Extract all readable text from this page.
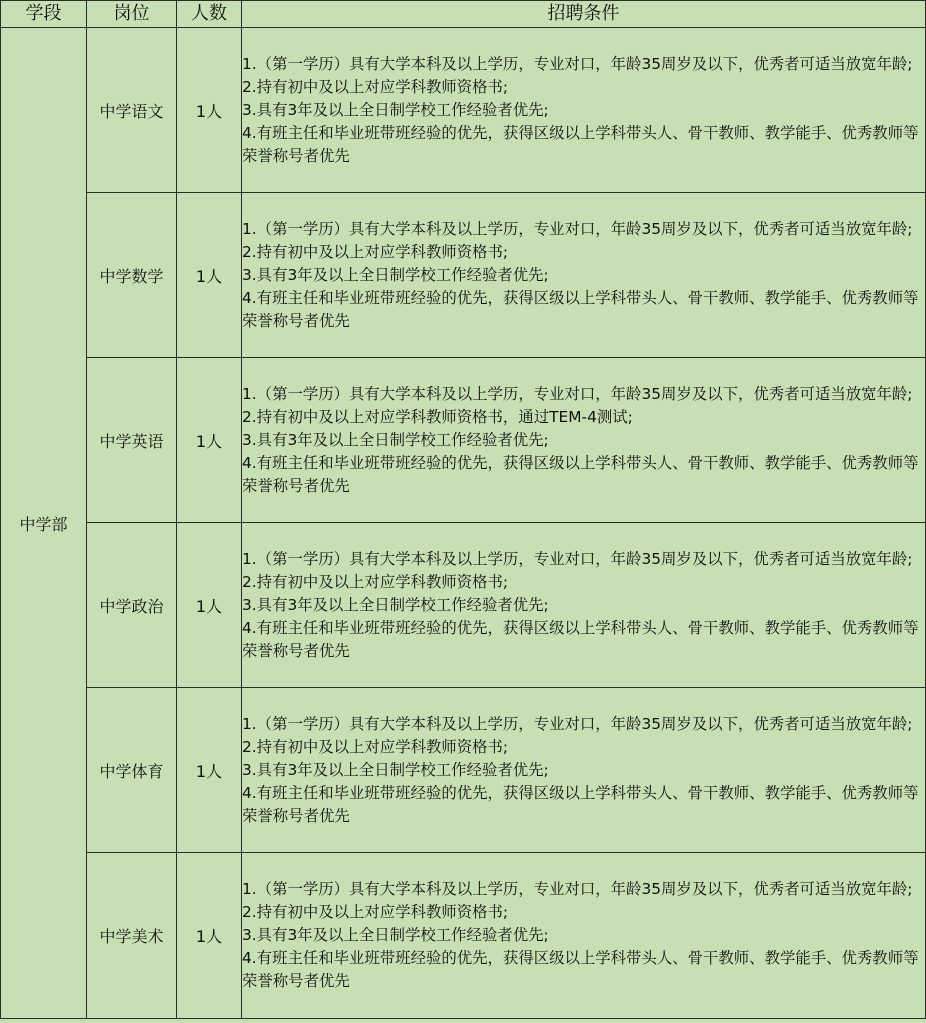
学段	岗位	人数	招聘条件
中学部	中学语文	1人	1.（第一学历）具有大学本科及以上学历，专业对口，年龄35周岁及以下，优秀者可适当放宽年龄;
2.持有初中及以上对应学科教师资格书;
3.具有3年及以上全日制学校工作经验者优先;
4.有班主任和毕业班带班经验的优先，获得区级以上学科带头人、骨干教师、教学能手、优秀教师等荣誉称号者优先

	中学数学	1人	1.（第一学历）具有大学本科及以上学历，专业对口，年龄35周岁及以下，优秀者可适当放宽年龄;
2.持有初中及以上对应学科教师资格书;
3.具有3年及以上全日制学校工作经验者优先;
4.有班主任和毕业班带班经验的优先，获得区级以上学科带头人、骨干教师、教学能手、优秀教师等荣誉称号者优先

	中学英语	1人	1.（第一学历）具有大学本科及以上学历，专业对口，年龄35周岁及以下，优秀者可适当放宽年龄;
2.持有初中及以上对应学科教师资格书，通过TEM-4测试;
3.具有3年及以上全日制学校工作经验者优先;
4.有班主任和毕业班带班经验的优先，获得区级以上学科带头人、骨干教师、教学能手、优秀教师等荣誉称号者优先

	中学政治	1人	1.（第一学历）具有大学本科及以上学历，专业对口，年龄35周岁及以下，优秀者可适当放宽年龄;
2.持有初中及以上对应学科教师资格书;
3.具有3年及以上全日制学校工作经验者优先;
4.有班主任和毕业班带班经验的优先，获得区级以上学科带头人、骨干教师、教学能手、优秀教师等荣誉称号者优先

	中学体育	1人	1.（第一学历）具有大学本科及以上学历，专业对口，年龄35周岁及以下，优秀者可适当放宽年龄;
2.持有初中及以上对应学科教师资格书;
3.具有3年及以上全日制学校工作经验者优先;
4.有班主任和毕业班带班经验的优先，获得区级以上学科带头人、骨干教师、教学能手、优秀教师等荣誉称号者优先

	中学美术	1人	1.（第一学历）具有大学本科及以上学历，专业对口，年龄35周岁及以下，优秀者可适当放宽年龄;
2.持有初中及以上对应学科教师资格书;
3.具有3年及以上全日制学校工作经验者优先;
4.有班主任和毕业班带班经验的优先，获得区级以上学科带头人、骨干教师、教学能手、优秀教师等荣誉称号者优先
